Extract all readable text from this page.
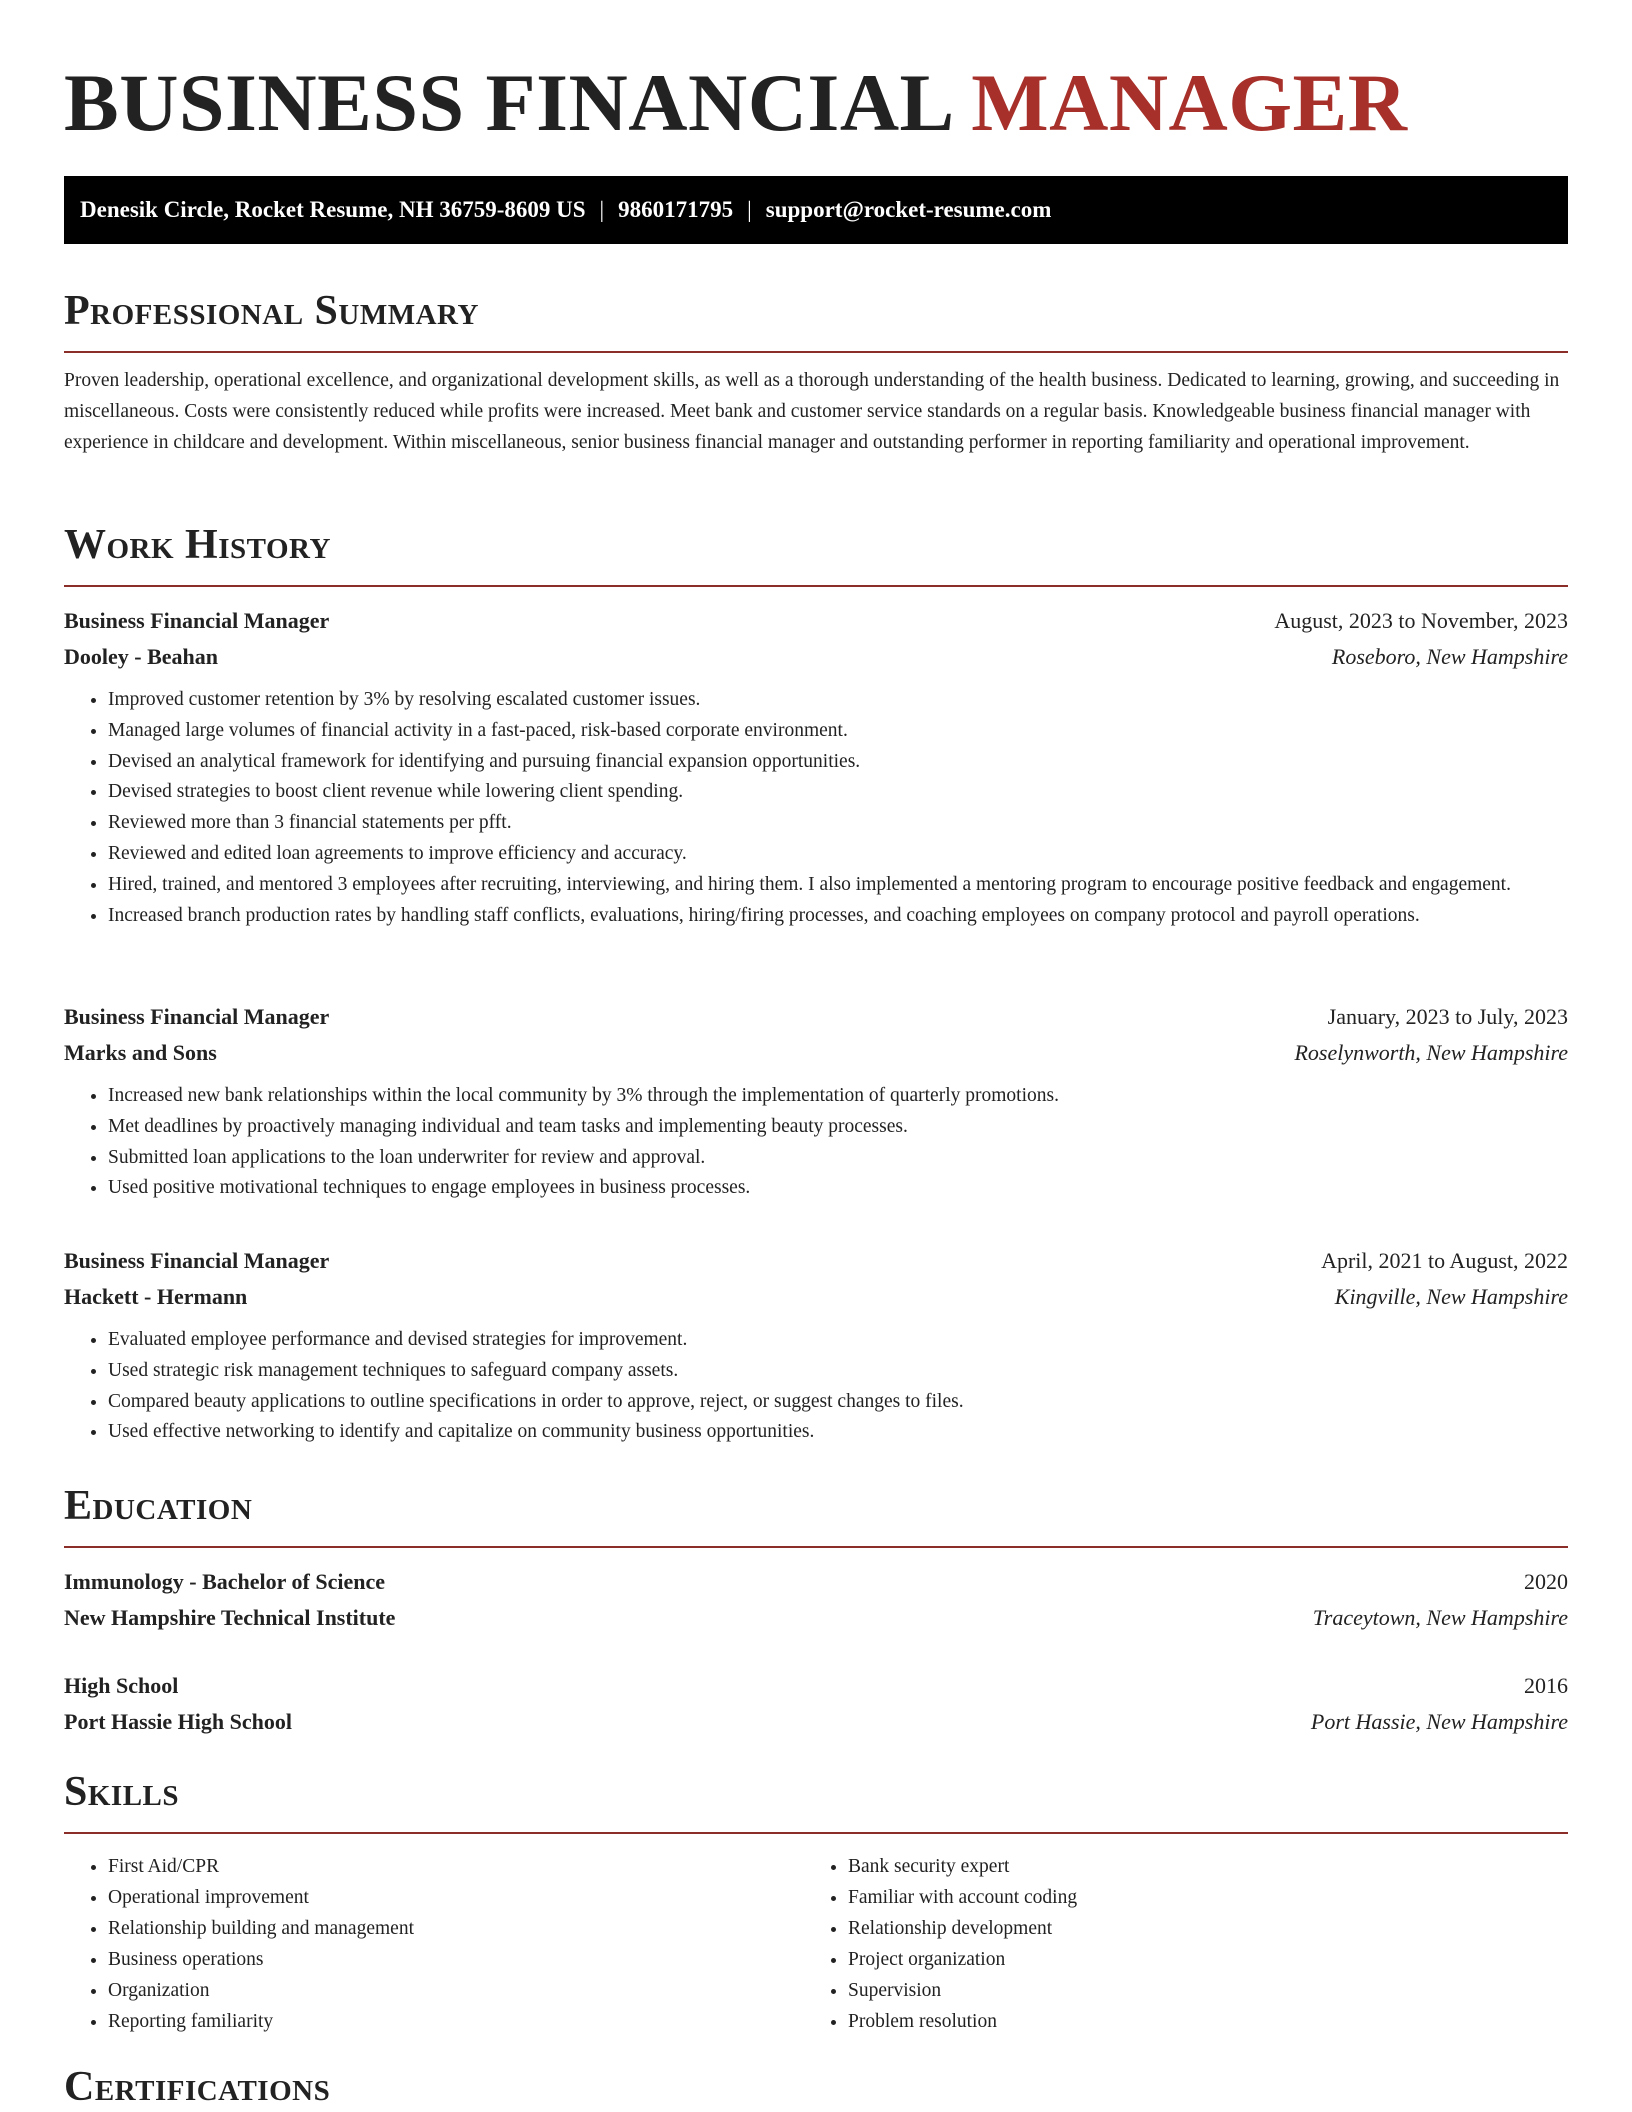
BUSINESS FINANCIAL MANAGER
Denesik Circle, Rocket Resume, NH 36759-8609 US | 9860171795 | support@rocket-resume.com
Professional Summary

Proven leadership, operational excellence, and organizational development skills, as well as a thorough understanding of the health business. Dedicated to learning, growing, and succeeding in miscellaneous. Costs were consistently reduced while profits were increased. Meet bank and customer service standards on a regular basis. Knowledgeable business financial manager with experience in childcare and development. Within miscellaneous, senior business financial manager and outstanding performer in reporting familiarity and operational improvement.

Work History
Business Financial Manager	August, 2023 to November, 2023
Dooley - Beahan	Roseboro, New Hampshire
• Improved customer retention by 3% by resolving escalated customer issues.
• Managed large volumes of financial activity in a fast-paced, risk-based corporate environment.
• Devised an analytical framework for identifying and pursuing financial expansion opportunities.
• Devised strategies to boost client revenue while lowering client spending.
• Reviewed more than 3 financial statements per pfft.
• Reviewed and edited loan agreements to improve efficiency and accuracy.
• Hired, trained, and mentored 3 employees after recruiting, interviewing, and hiring them. I also implemented a mentoring program to encourage positive feedback and engagement.
• Increased branch production rates by handling staff conflicts, evaluations, hiring/firing processes, and coaching employees on company protocol and payroll operations.
Business Financial Manager	January, 2023 to July, 2023
Marks and Sons	Roselynworth, New Hampshire
• Increased new bank relationships within the local community by 3% through the implementation of quarterly promotions.
• Met deadlines by proactively managing individual and team tasks and implementing beauty processes.
• Submitted loan applications to the loan underwriter for review and approval.
• Used positive motivational techniques to engage employees in business processes.
Business Financial Manager	April, 2021 to August, 2022
Hackett - Hermann	Kingville, New Hampshire
• Evaluated employee performance and devised strategies for improvement.
• Used strategic risk management techniques to safeguard company assets.
• Compared beauty applications to outline specifications in order to approve, reject, or suggest changes to files.
• Used effective networking to identify and capitalize on community business opportunities.
Education
Immunology - Bachelor of Science	2020
New Hampshire Technical Institute	Traceytown, New Hampshire
High School	2016
Port Hassie High School	Port Hassie, New Hampshire
Skills
• First Aid/CPR
• Operational improvement
• Relationship building and management
• Business operations
• Organization
• Reporting familiarity
• Bank security expert
• Familiar with account coding
• Relationship development
• Project organization
• Supervision
• Problem resolution
Certifications
